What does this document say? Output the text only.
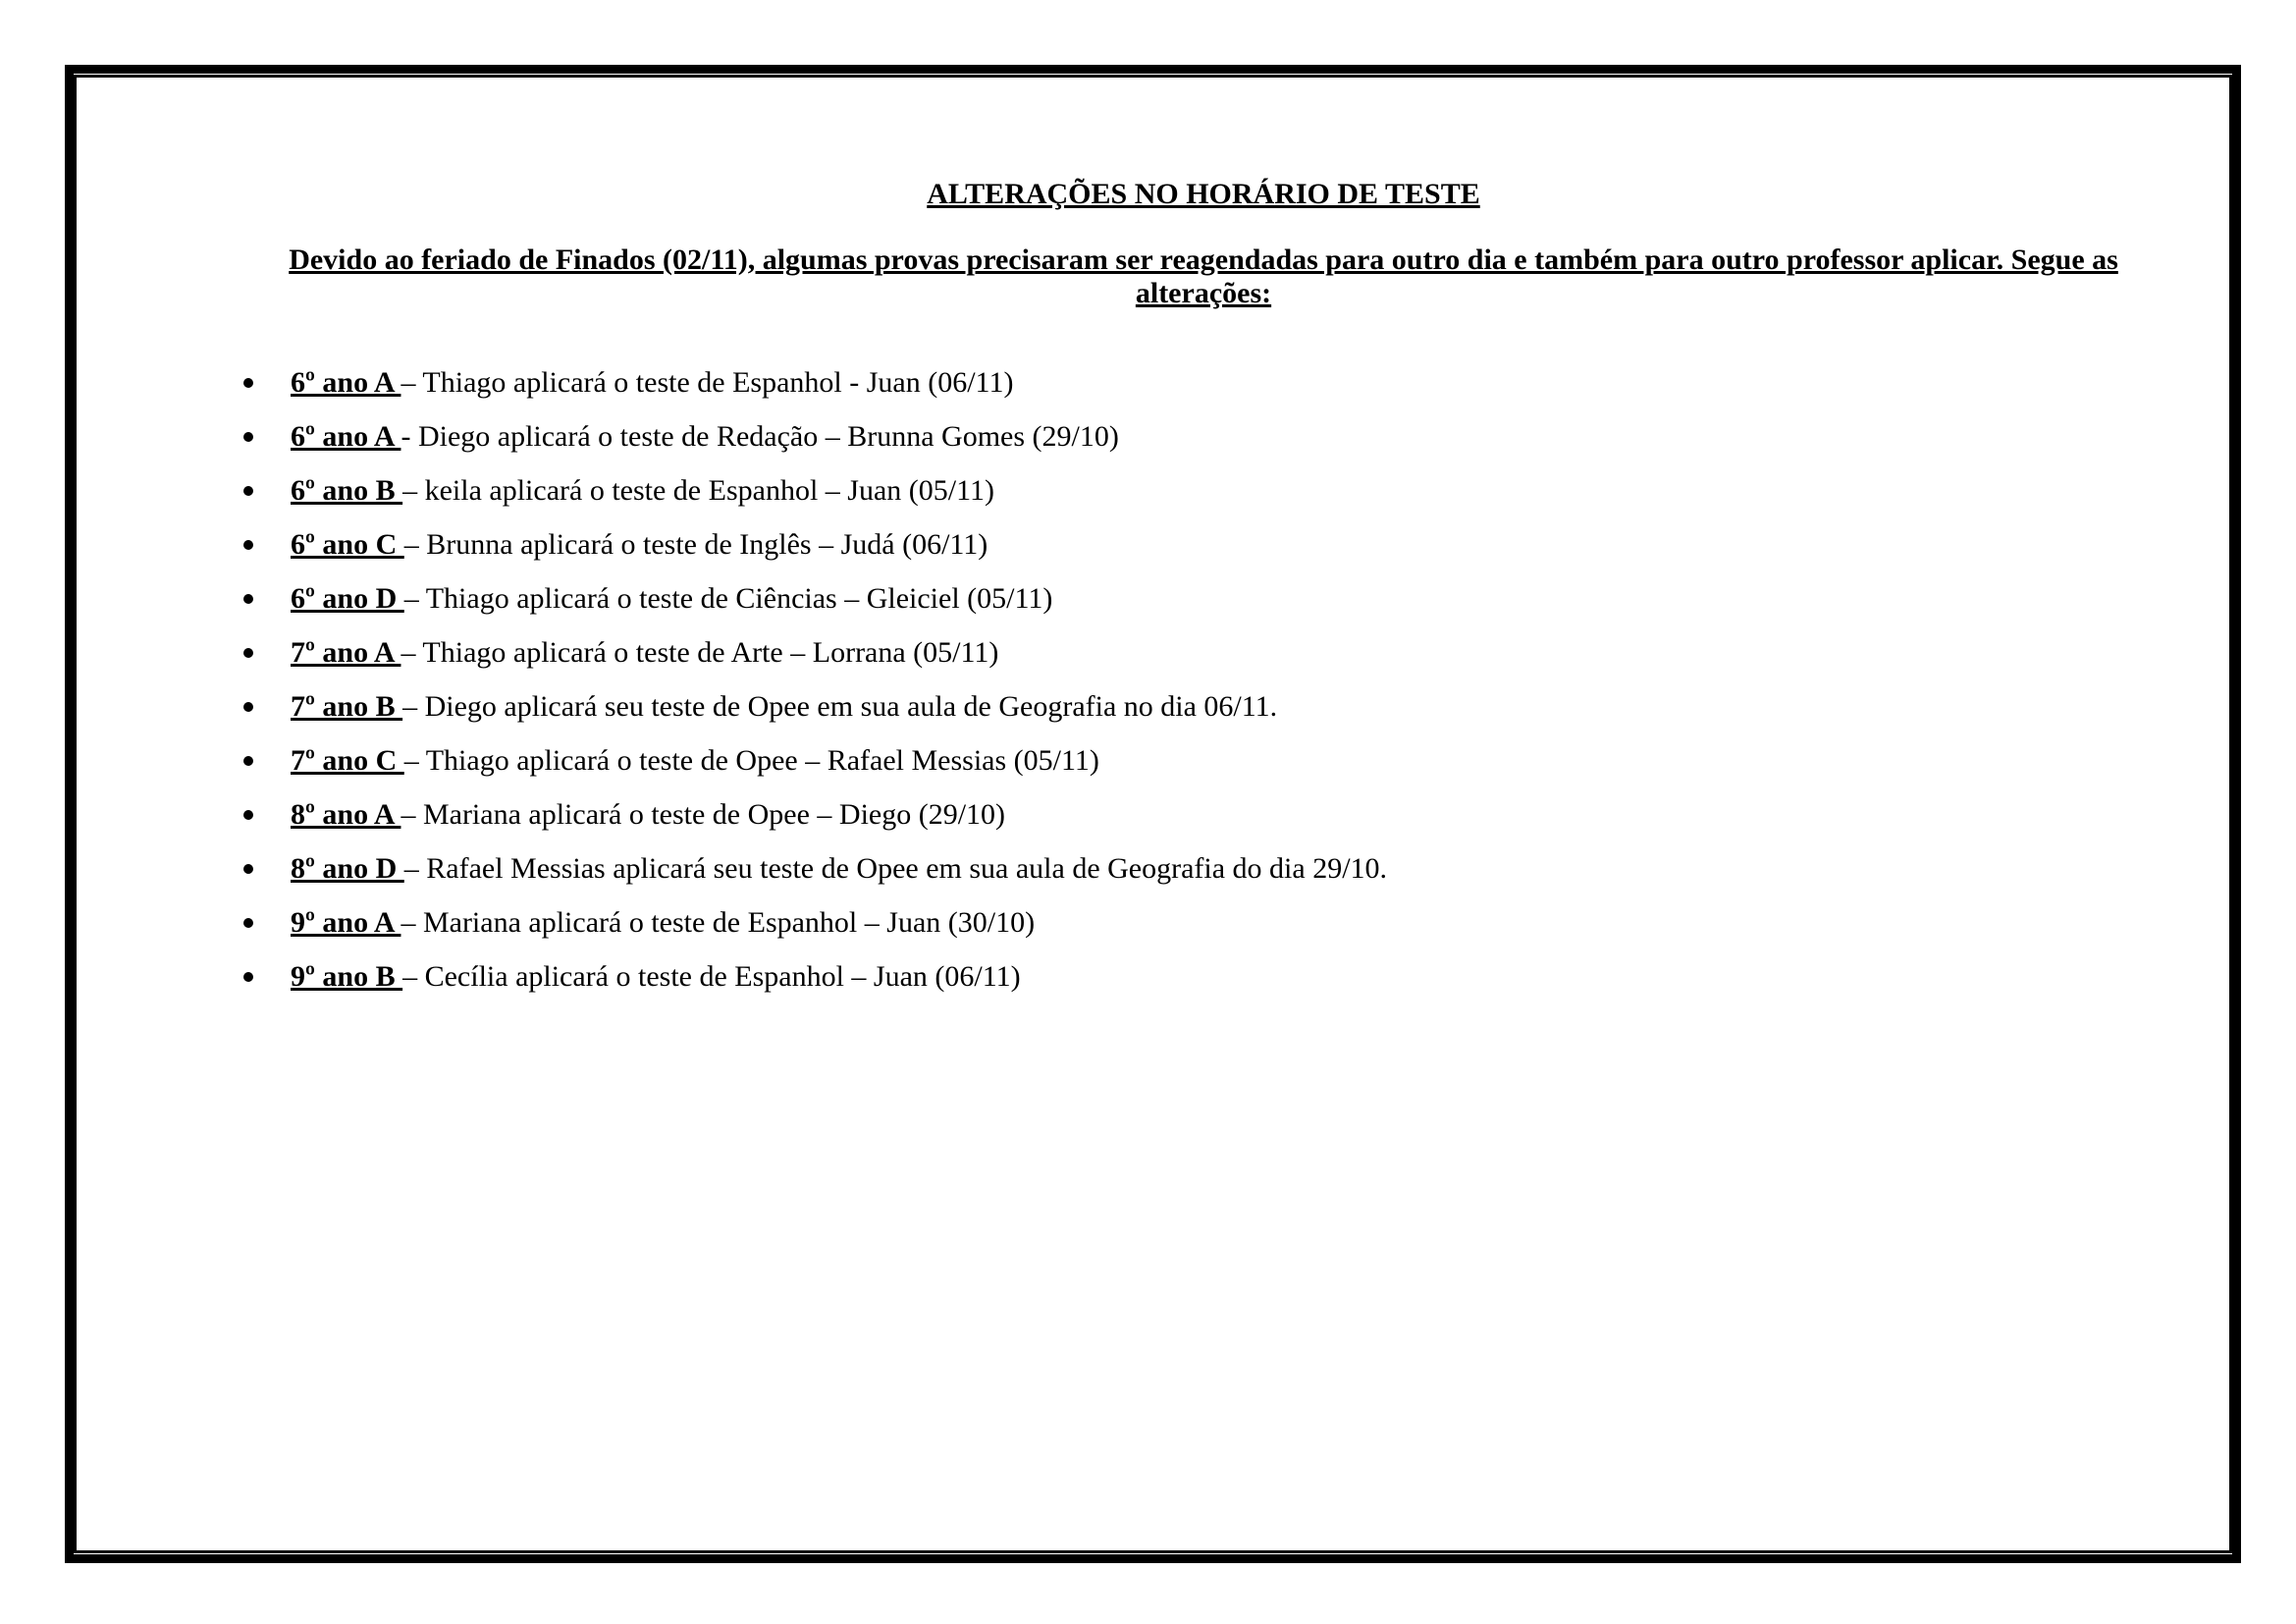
ALTERAÇÕES NO HORÁRIO DE TESTE

Devido ao feriado de Finados (02/11), algumas provas precisaram ser reagendadas para outro dia e também para outro professor aplicar. Segue as alterações:

6º ano A – Thiago aplicará o teste de Espanhol - Juan (06/11)
6º ano A - Diego aplicará o teste de Redação – Brunna Gomes (29/10)
6º ano B – keila aplicará o teste de Espanhol – Juan (05/11)
6º ano C – Brunna aplicará o teste de Inglês – Judá (06/11)
6º ano D – Thiago aplicará o teste de Ciências – Gleiciel (05/11)
7º ano A – Thiago aplicará o teste de Arte – Lorrana (05/11)
7º ano B – Diego aplicará seu teste de Opee em sua aula de Geografia no dia 06/11.
7º ano C – Thiago aplicará o teste de Opee – Rafael Messias (05/11)
8º ano A – Mariana aplicará o teste de Opee – Diego (29/10)
8º ano D – Rafael Messias aplicará seu teste de Opee em sua aula de Geografia do dia 29/10.
9º ano A – Mariana aplicará o teste de Espanhol – Juan (30/10)
9º ano B – Cecília aplicará o teste de Espanhol – Juan (06/11)
